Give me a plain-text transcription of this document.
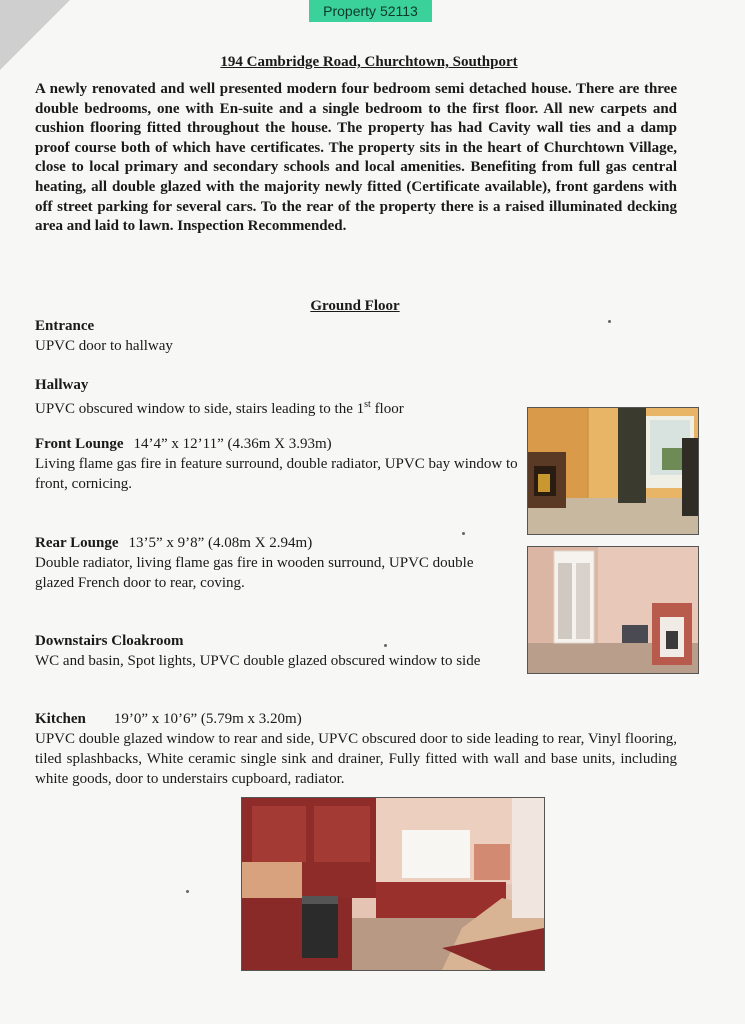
Property 52113
194 Cambridge Road, Churchtown, Southport
A newly renovated and well presented modern four bedroom semi detached house. There are three double bedrooms, one with En-suite and a single bedroom to the first floor. All new carpets and cushion flooring fitted throughout the house. The property has had Cavity wall ties and a damp proof course both of which have certificates. The property sits in the heart of Churchtown Village, close to local primary and secondary schools and local amenities. Benefiting from full gas central heating, all double glazed with the majority newly fitted (Certificate available), front gardens with off street parking for several cars. To the rear of the property there is a raised illuminated decking area and laid to lawn. Inspection Recommended.
Ground Floor
Entrance
UPVC door to hallway
Hallway
UPVC obscured window to side, stairs leading to the 1st floor
Front Lounge 14’4” x 12’11” (4.36m X 3.93m)
Living flame gas fire in feature surround, double radiator, UPVC bay window to front, cornicing.
Rear Lounge 13’5” x 9’8” (4.08m X 2.94m)
Double radiator, living flame gas fire in wooden surround, UPVC double glazed French door to rear, coving.
Downstairs Cloakroom
WC and basin, Spot lights, UPVC double glazed obscured window to side
Kitchen 19’0” x 10’6” (5.79m x 3.20m)
UPVC double glazed window to rear and side, UPVC obscured door to side leading to rear, Vinyl flooring, tiled splashbacks, White ceramic single sink and drainer, Fully fitted with wall and base units, including white goods, door to understairs cupboard, radiator.
